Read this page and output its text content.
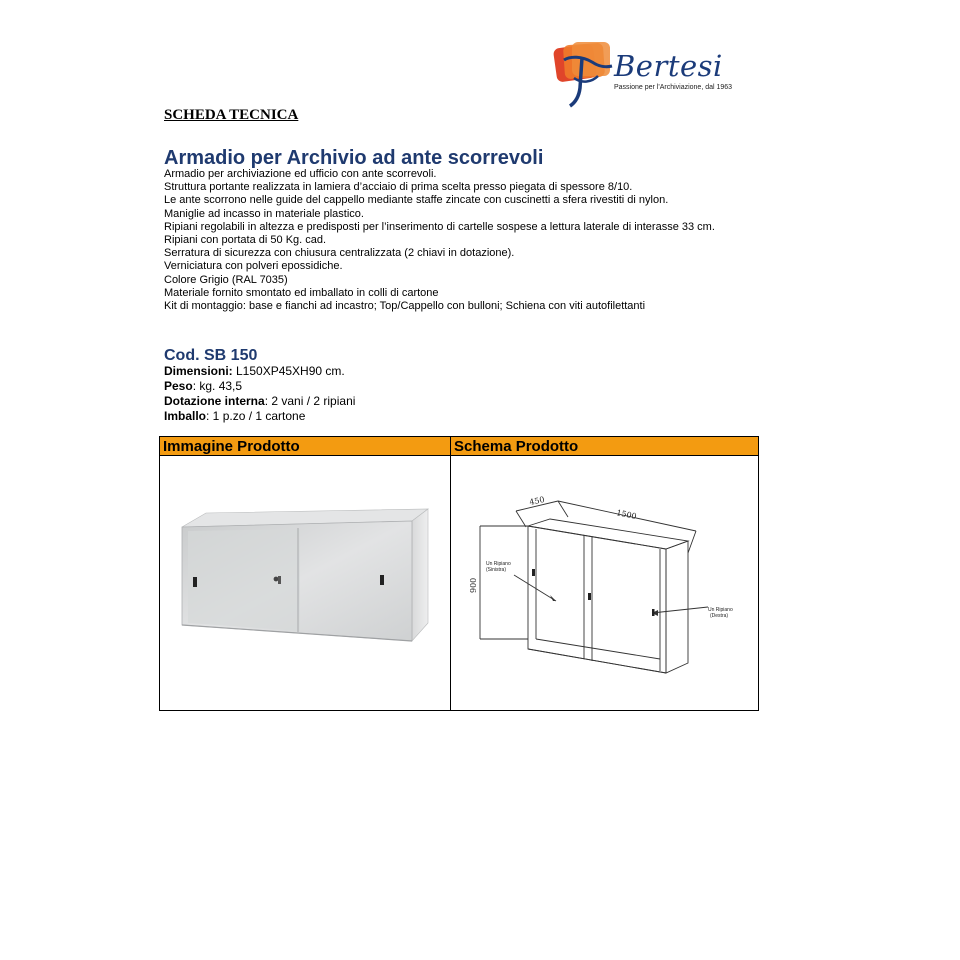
Bertesi
Passione per l'Archiviazione, dal 1963
SCHEDA TECNICA
Armadio per Archivio ad ante scorrevoli
Armadio per archiviazione ed ufficio con ante scorrevoli.
Struttura portante realizzata in lamiera d’acciaio di prima scelta presso piegata di spessore 8/10.
Le ante scorrono nelle guide del cappello mediante staffe zincate con cuscinetti a sfera rivestiti di nylon.
Maniglie ad incasso in materiale plastico.
Ripiani regolabili in altezza e predisposti per l’inserimento di cartelle sospese a lettura laterale di interasse 33 cm.
Ripiani con portata di 50 Kg. cad.
Serratura di sicurezza con chiusura centralizzata (2 chiavi in dotazione).
Verniciatura con polveri epossidiche.
Colore Grigio (RAL 7035)
Materiale fornito smontato ed imballato in colli di cartone
Kit di montaggio: base e fianchi ad incastro; Top/Cappello con bulloni; Schiena con viti autofilettanti
Cod. SB 150
Dimensioni: L150XP45XH90 cm.
Peso: kg. 43,5
Dotazione interna: 2 vani / 2 ripiani
Imballo: 1 p.zo / 1 cartone
Immagine Prodotto	Schema Prodotto
450
1500
900
Un Ripiano
(Sinistra)
Un Ripiano
(Destra)
